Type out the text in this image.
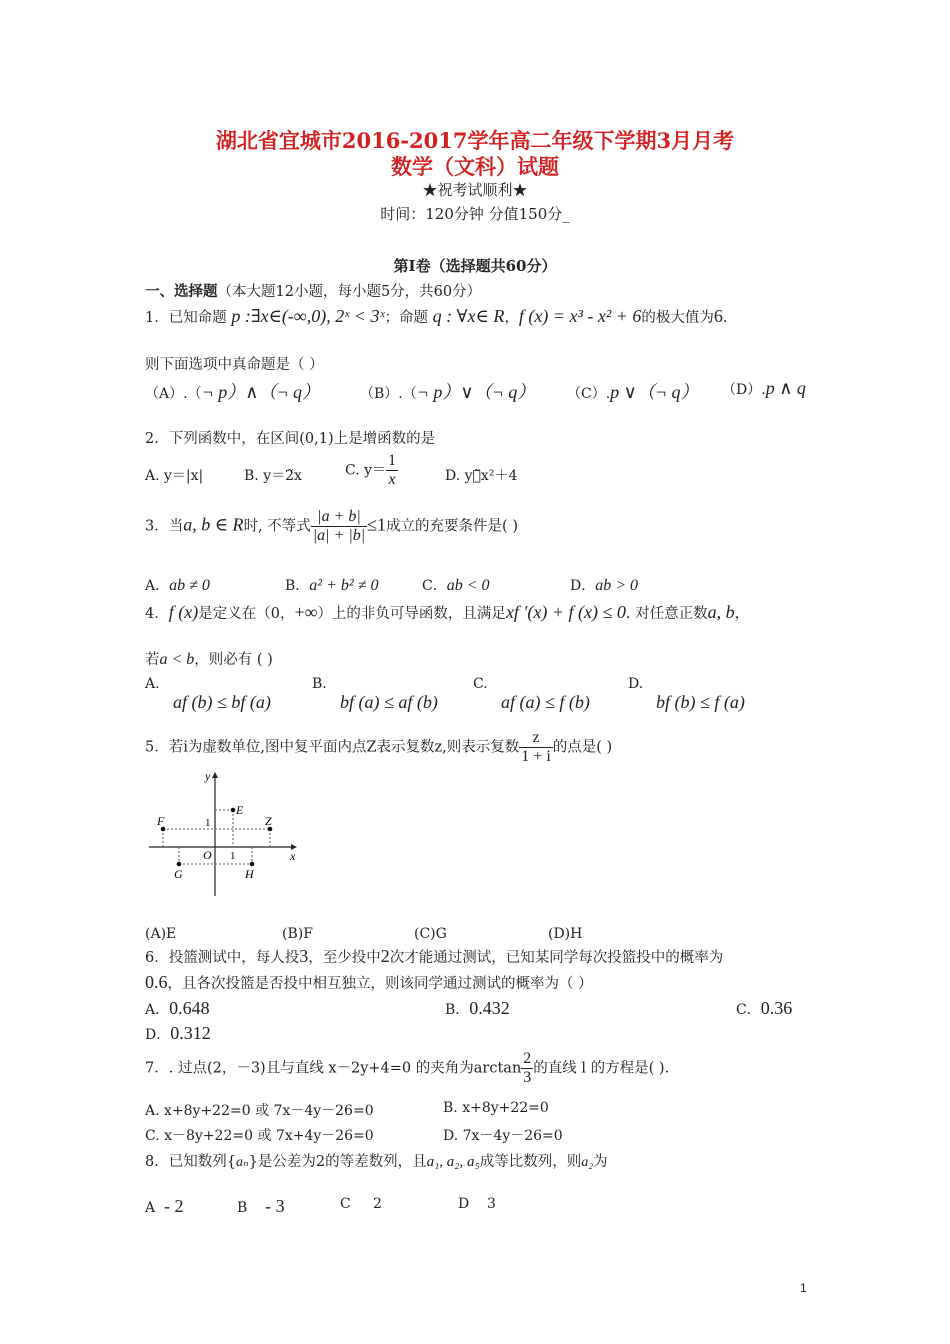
湖北省宜城市2016-2017学年高二年级下学期3月月考
数学（文科）试题
★祝考试顺利★
时间：120分钟 分值150分_
第Ⅰ卷（选择题共60分）
一、选择题（本大题12小题，每小题5分，共60分）
1．已知命题 p :∃x∈(-∞,0), 2ˣ < 3ˣ；命题 q : ∀x∈ R，f (x) = x³ - x² + 6的极大值为6.
则下面选项中真命题是（ ）
（A）.（¬ p）∧（¬ q）	（B）.（¬ p）∨（¬ q） （C）.p ∨（¬ q） （D）.p ∧ q
2．下列函数中，在区间(0,1)上是增函数的是
A. y＝|x|	B. y＝2̃x	C. $y= \frac{1}{x}$	D. y＝̃x²＋4
3．当a, b ∈ R时, 不等式 $\frac{|a + b|}{|a| + |b|} \le 1$成立的充要条件是( )
A．ab ≠ 0	B．a² + b² ≠ 0	C．ab < 0	D．ab > 0
4．f (x)是定义在（0，+∞）上的非负可导函数，且满足xf ′(x) + f (x) ≤ 0. 对任意正数a, b，
若a < b，则必有 ( )
A.
af (b) ≤ bf (a)
B.
bf (a) ≤ af (b)
C.
af (a) ≤ f (b)
D.
bf (b) ≤ f (a)
5．若i为虚数单位,图中复平面内点Z表示复数z,则表示复数 $\frac{z}{1 + i}$ 的点是( )
y
x
O
1
1
E
F	Z
G	H
(A)E	(B)F	(C)G	(D)H
6．投篮测试中，每人投3，至少投中2次才能通过测试，已知某同学每次投篮投中的概率为
0.6，且各次投篮是否投中相互独立，则该同学通过测试的概率为（ ）
A．0.648	B．0.432	C．0.36
D．0.312
7．. 过点(2，－3)且与直线 x－2y+4=0 的夹角为$\arctan \frac{2}{3}$ 的直线 l 的方程是( ).
A. x+8y+22=0 或 7x－4y－26=0	B. x+8y+22=0
C. x－8y+22=0 或 7x+4y－26=0	D. 7x－4y－26=0
8．已知数列{aₙ}是公差为2的等差数列，且a₁, a₂, a₅成等比数列，则a₂为
A - 2	B - 3	C 2	D 3
1
